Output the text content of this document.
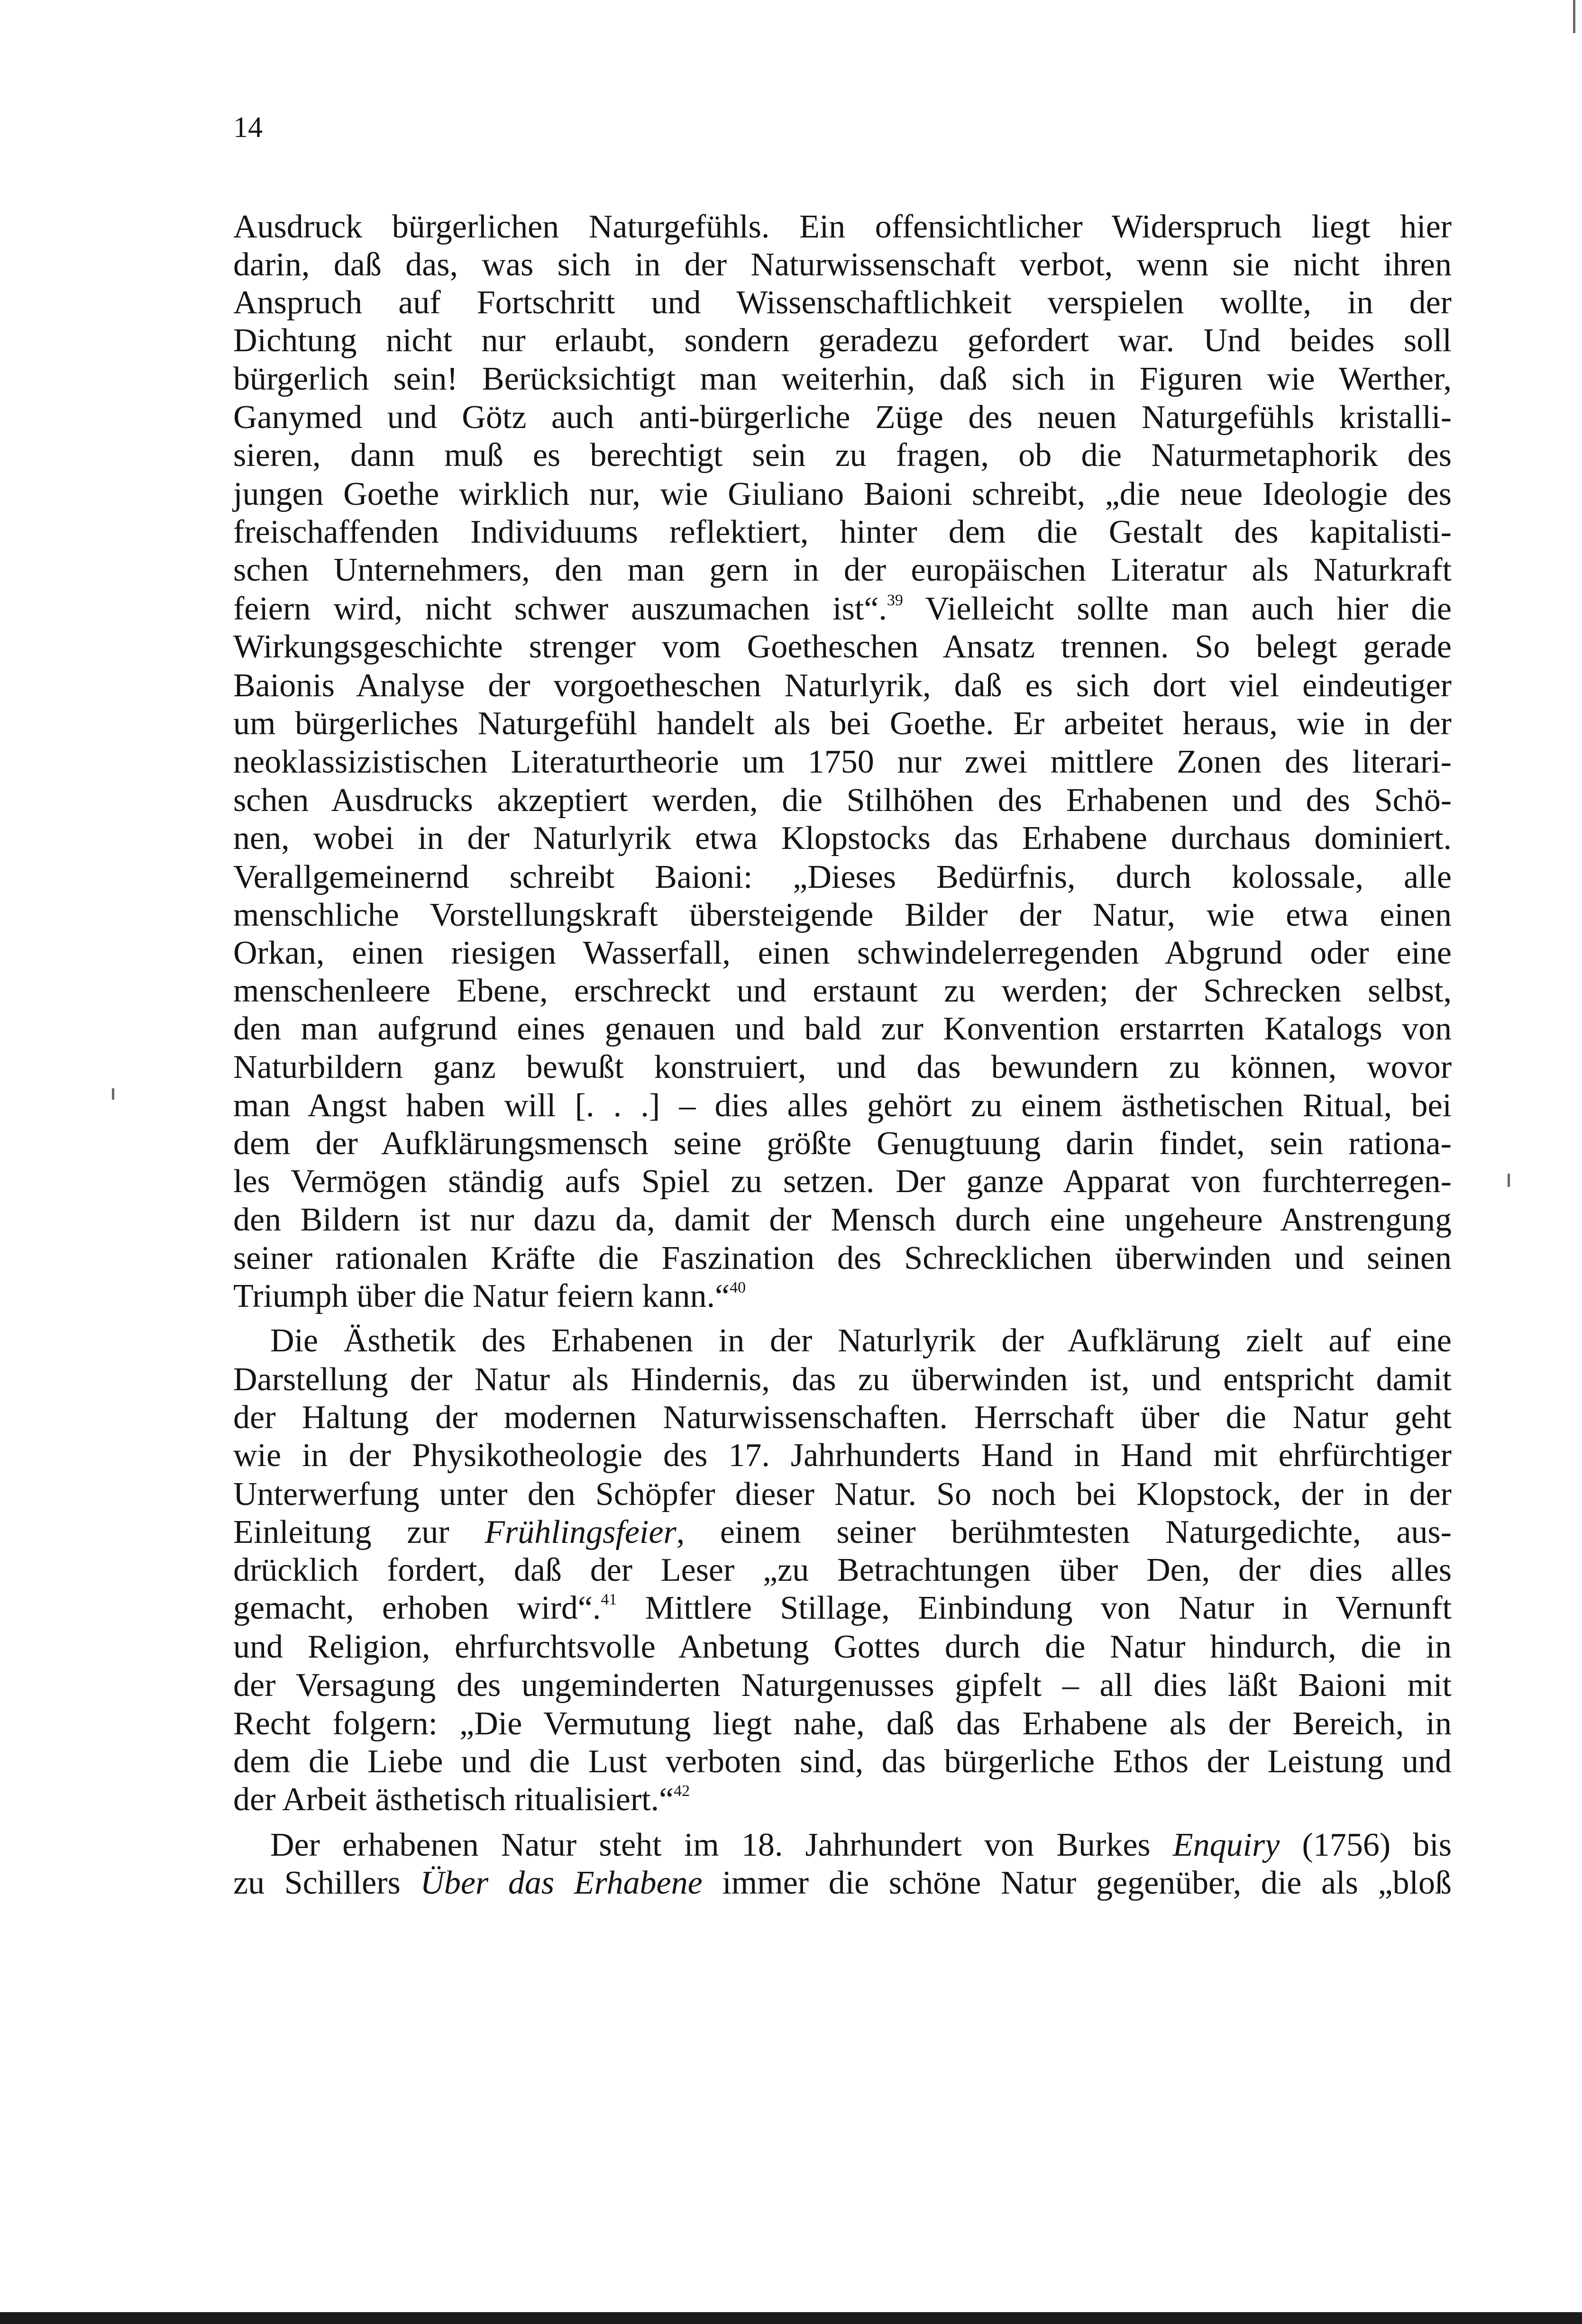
14
Ausdruck bürgerlichen Naturgefühls. Ein offensichtlicher Widerspruch liegt hier
darin, daß das, was sich in der Naturwissenschaft verbot, wenn sie nicht ihren
Anspruch auf Fortschritt und Wissenschaftlichkeit verspielen wollte, in der
Dichtung nicht nur erlaubt, sondern geradezu gefordert war. Und beides soll
bürgerlich sein! Berücksichtigt man weiterhin, daß sich in Figuren wie Werther,
Ganymed und Götz auch anti-bürgerliche Züge des neuen Naturgefühls kristalli-
sieren, dann muß es berechtigt sein zu fragen, ob die Naturmetaphorik des
jungen Goethe wirklich nur, wie Giuliano Baioni schreibt, „die neue Ideologie des
freischaffenden Individuums reflektiert, hinter dem die Gestalt des kapitalisti-
schen Unternehmers, den man gern in der europäischen Literatur als Naturkraft
feiern wird, nicht schwer auszumachen ist“.$^{39}$ Vielleicht sollte man auch hier die
Wirkungsgeschichte strenger vom Goetheschen Ansatz trennen. So belegt gerade
Baionis Analyse der vorgoetheschen Naturlyrik, daß es sich dort viel eindeutiger
um bürgerliches Naturgefühl handelt als bei Goethe. Er arbeitet heraus, wie in der
neoklassizistischen Literaturtheorie um 1750 nur zwei mittlere Zonen des literari-
schen Ausdrucks akzeptiert werden, die Stilhöhen des Erhabenen und des Schö-
nen, wobei in der Naturlyrik etwa Klopstocks das Erhabene durchaus dominiert.
Verallgemeinernd schreibt Baioni: „Dieses Bedürfnis, durch kolossale, alle
menschliche Vorstellungskraft übersteigende Bilder der Natur, wie etwa einen
Orkan, einen riesigen Wasserfall, einen schwindelerregenden Abgrund oder eine
menschenleere Ebene, erschreckt und erstaunt zu werden; der Schrecken selbst,
den man aufgrund eines genauen und bald zur Konvention erstarrten Katalogs von
Naturbildern ganz bewußt konstruiert, und das bewundern zu können, wovor
man Angst haben will [. . .] – dies alles gehört zu einem ästhetischen Ritual, bei
dem der Aufklärungsmensch seine größte Genugtuung darin findet, sein rationa-
les Vermögen ständig aufs Spiel zu setzen. Der ganze Apparat von furchterregen-
den Bildern ist nur dazu da, damit der Mensch durch eine ungeheure Anstrengung
seiner rationalen Kräfte die Faszination des Schrecklichen überwinden und seinen
Triumph über die Natur feiern kann.“$^{40}$
Die Ästhetik des Erhabenen in der Naturlyrik der Aufklärung zielt auf eine
Darstellung der Natur als Hindernis, das zu überwinden ist, und entspricht damit
der Haltung der modernen Naturwissenschaften. Herrschaft über die Natur geht
wie in der Physikotheologie des 17. Jahrhunderts Hand in Hand mit ehrfürchtiger
Unterwerfung unter den Schöpfer dieser Natur. So noch bei Klopstock, der in der
Einleitung zur Frühlingsfeier, einem seiner berühmtesten Naturgedichte, aus-
drücklich fordert, daß der Leser „zu Betrachtungen über Den, der dies alles
gemacht, erhoben wird“.$^{41}$ Mittlere Stillage, Einbindung von Natur in Vernunft
und Religion, ehrfurchtsvolle Anbetung Gottes durch die Natur hindurch, die in
der Versagung des ungeminderten Naturgenusses gipfelt – all dies läßt Baioni mit
Recht folgern: „Die Vermutung liegt nahe, daß das Erhabene als der Bereich, in
dem die Liebe und die Lust verboten sind, das bürgerliche Ethos der Leistung und
der Arbeit ästhetisch ritualisiert.“$^{42}$
Der erhabenen Natur steht im 18. Jahrhundert von Burkes Enquiry (1756) bis
zu Schillers Über das Erhabene immer die schöne Natur gegenüber, die als „bloß
